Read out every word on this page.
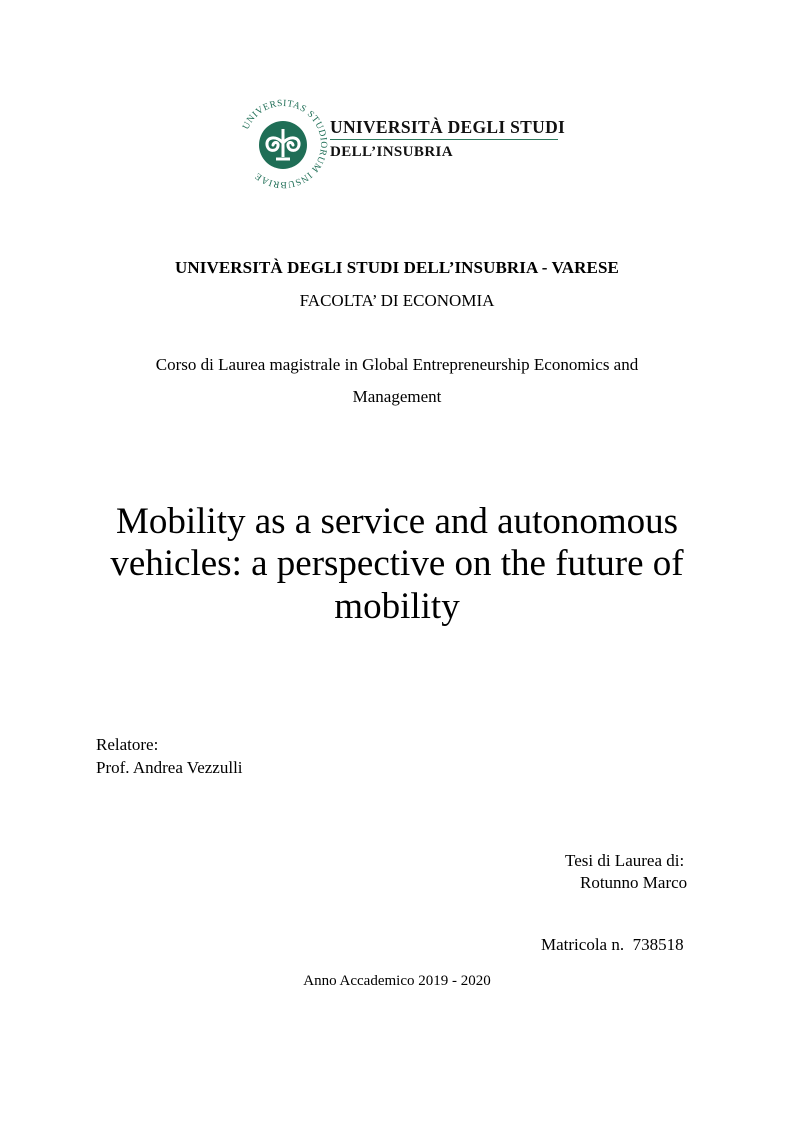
UNIVERSITAS STUDIORUM INSUBRIAE
UNIVERSITÀ DEGLI STUDI
DELL’INSUBRIA
UNIVERSITÀ DEGLI STUDI DELL’INSUBRIA - VARESE
FACOLTA’ DI ECONOMIA
Corso di Laurea magistrale in Global Entrepreneurship Economics and
Management
Mobility as a service and autonomous
vehicles: a perspective on the future of
mobility
Relatore:
Prof. Andrea Vezzulli
Tesi di Laurea di:
Rotunno Marco
Matricola n.  738518
Anno Accademico 2019 - 2020
